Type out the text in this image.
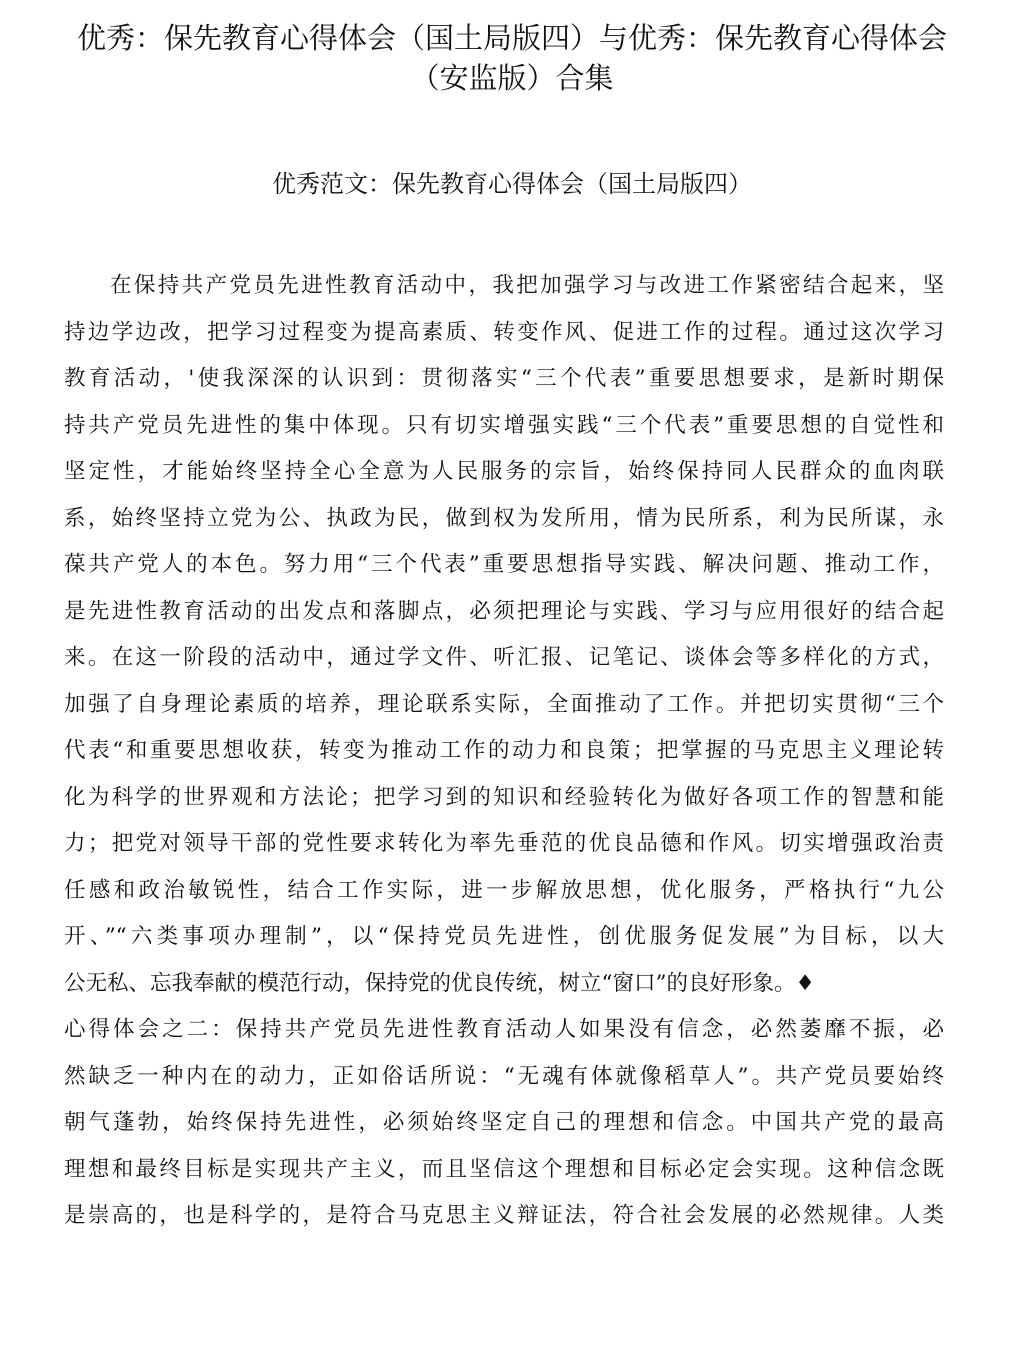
优秀：保先教育心得体会（国土局版四）与优秀：保先教育心得体会
（安监版）合集
优秀范文：保先教育心得体会（国土局版四）
在保持共产党员先进性教育活动中，我把加强学习与改进工作紧密结合起来，坚
持边学边改，把学习过程变为提高素质、转变作风、促进工作的过程。通过这次学习
教育活动，'使我深深的认识到：贯彻落实“三个代表”重要思想要求，是新时期保
持共产党员先进性的集中体现。只有切实增强实践“三个代表”重要思想的自觉性和
坚定性，才能始终坚持全心全意为人民服务的宗旨，始终保持同人民群众的血肉联
系，始终坚持立党为公、执政为民，做到权为发所用，情为民所系，利为民所谋，永
葆共产党人的本色。努力用“三个代表”重要思想指导实践、解决问题、推动工作，
是先进性教育活动的出发点和落脚点，必须把理论与实践、学习与应用很好的结合起
来。在这一阶段的活动中，通过学文件、听汇报、记笔记、谈体会等多样化的方式，
加强了自身理论素质的培养，理论联系实际，全面推动了工作。并把切实贯彻“三个
代表“和重要思想收获，转变为推动工作的动力和良策；把掌握的马克思主义理论转
化为科学的世界观和方法论；把学习到的知识和经验转化为做好各项工作的智慧和能
力；把党对领导干部的党性要求转化为率先垂范的优良品德和作风。切实增强政治责
任感和政治敏锐性，结合工作实际，进一步解放思想，优化服务，严格执行“九公
开、”“六类事项办理制”，以“保持党员先进性，创优服务促发展”为目标，以大
公无私、忘我奉献的模范行动，保持党的优良传统，树立“窗口”的良好形象。♦
心得体会之二：保持共产党员先进性教育活动人如果没有信念，必然萎靡不振，必
然缺乏一种内在的动力，正如俗话所说：“无魂有体就像稻草人”。共产党员要始终
朝气蓬勃，始终保持先进性，必须始终坚定自己的理想和信念。中国共产党的最高
理想和最终目标是实现共产主义，而且坚信这个理想和目标必定会实现。这种信念既
是崇高的，也是科学的，是符合马克思主义辩证法，符合社会发展的必然规律。人类
